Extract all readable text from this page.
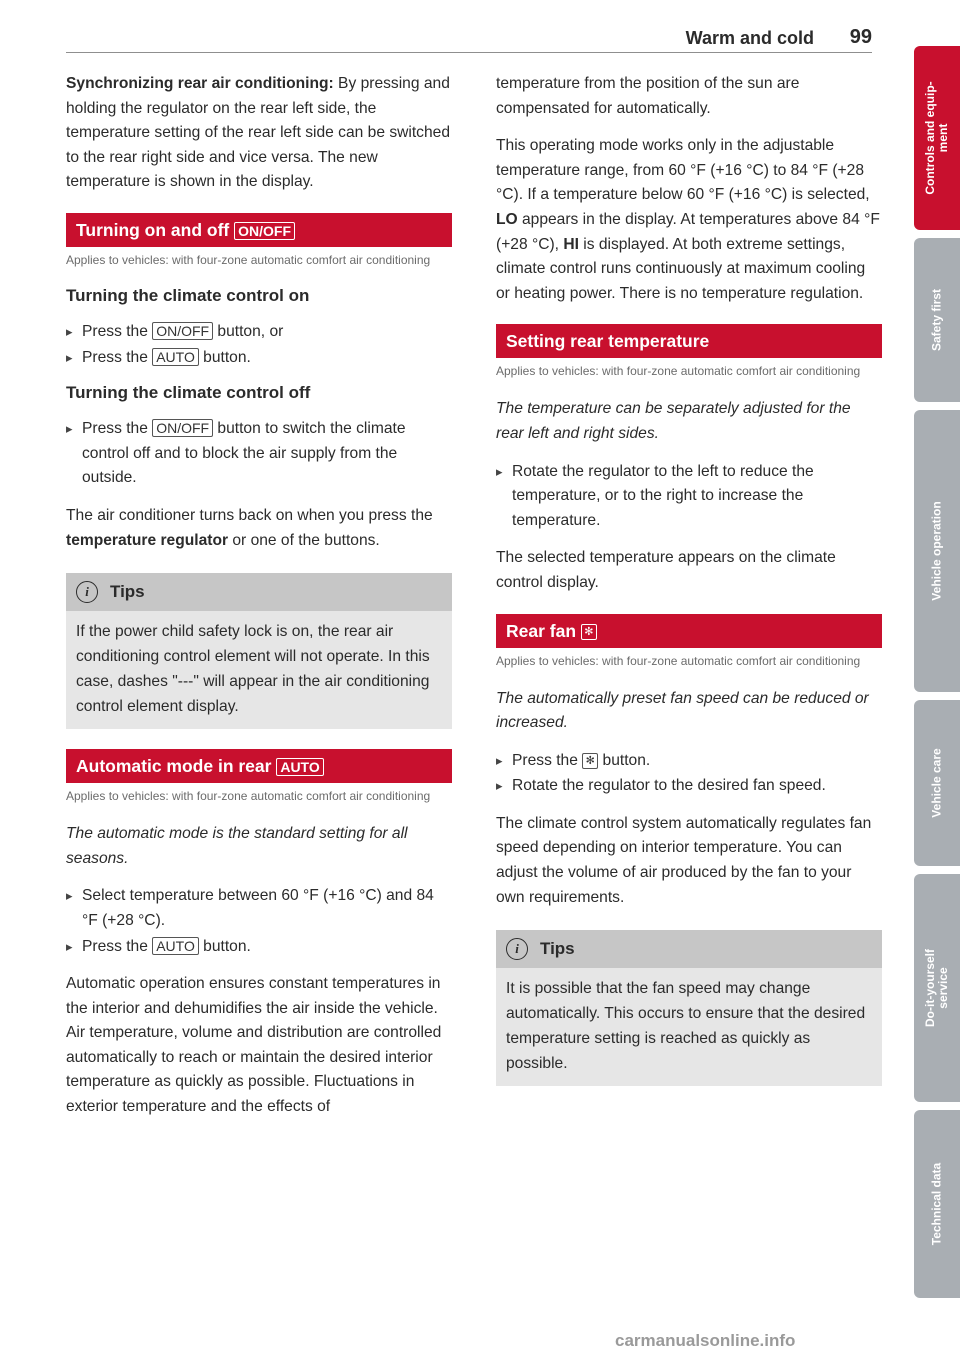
Warm and cold 99

Synchronizing rear air conditioning: By pressing and holding the regulator on the rear left side, the temperature setting of the rear left side can be switched to the rear right side and vice versa. The new temperature is shown in the display.

Turning on and off ON/OFF
Applies to vehicles: with four-zone automatic comfort air conditioning
Turning the climate control on
▸ Press the ON/OFF button, or
▸ Press the AUTO button.
Turning the climate control off
▸ Press the ON/OFF button to switch the climate control off and to block the air supply from the outside.

The air conditioner turns back on when you press the temperature regulator or one of the buttons.

i	Tips
If the power child safety lock is on, the rear air conditioning control element will not operate. In this case, dashes "---" will appear in the air conditioning control element display.
Automatic mode in rear AUTO
Applies to vehicles: with four-zone automatic comfort air conditioning

The automatic mode is the standard setting for all seasons.

▸ Select temperature between 60 °F (+16 °C) and 84 °F (+28 °C).
▸ Press the AUTO button.

Automatic operation ensures constant temperatures in the interior and dehumidifies the air inside the vehicle. Air temperature, volume and distribution are controlled automatically to reach or maintain the desired interior temperature as quickly as possible. Fluctuations in exterior temperature and the effects of

temperature from the position of the sun are compensated for automatically.

This operating mode works only in the adjustable temperature range, from 60 °F (+16 °C) to 84 °F (+28 °C). If a temperature below 60 °F (+16 °C) is selected, LO appears in the display. At temperatures above 84 °F (+28 °C), HI is displayed. At both extreme settings, climate control runs continuously at maximum cooling or heating power. There is no temperature regulation.

Setting rear temperature
Applies to vehicles: with four-zone automatic comfort air conditioning

The temperature can be separately adjusted for the rear left and right sides.

▸ Rotate the regulator to the left to reduce the temperature, or to the right to increase the temperature.

The selected temperature appears on the climate control display.

Rear fan ✻
Applies to vehicles: with four-zone automatic comfort air conditioning

The automatically preset fan speed can be reduced or increased.

▸ Press the ✻ button.
▸ Rotate the regulator to the desired fan speed.

The climate control system automatically regulates fan speed depending on interior temperature. You can adjust the volume of air produced by the fan to your own requirements.

i	Tips
It is possible that the fan speed may change automatically. This occurs to ensure that the desired temperature setting is reached as quickly as possible.
Controls and equip-
ment
Safety first
Vehicle operation
Vehicle care
Do-it-yourself
service
Technical data
carmanualsonline.info
